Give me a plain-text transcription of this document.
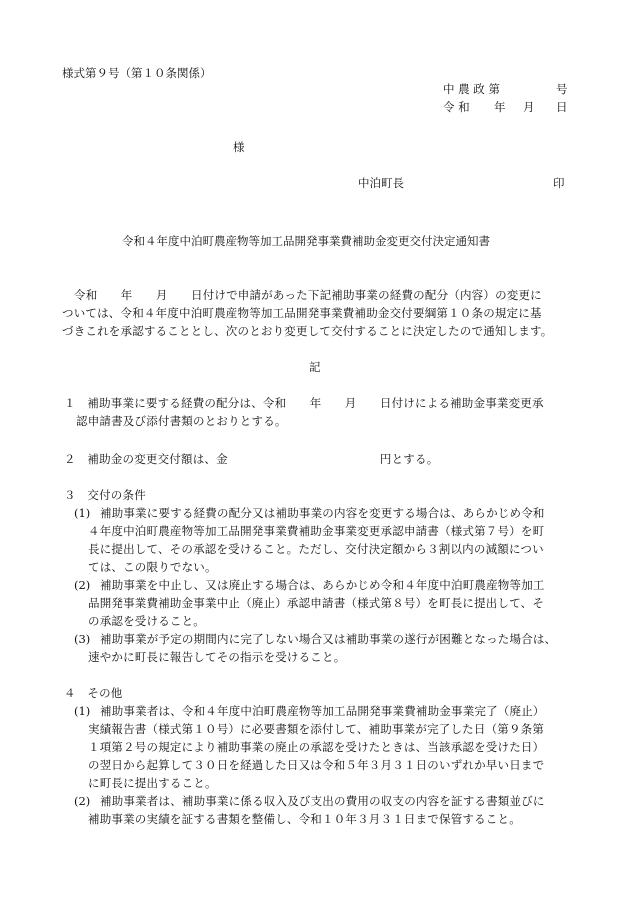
様式第９号（第１０条関係）
中 農 政 第	号
令 和 年 月 日
様
中泊町長	印
令和４年度中泊町農産物等加工品開発事業費補助金変更交付決定通知書
令和　　年　　月　　日付けで申請があった下記補助事業の経費の配分（内容）の変更に
ついては、令和４年度中泊町農産物等加工品開発事業費補助金交付要綱第１０条の規定に基
づきこれを承認することとし、次のとおり変更して交付することに決定したので通知します。
記
１　補助事業に要する経費の配分は、令和　　年　　月　　日付けによる補助金事業変更承
認申請書及び添付書類のとおりとする。
２　補助金の変更交付額は、金　　　　　　　　　　　　　円とする。
３　交付の条件
(1) 補助事業に要する経費の配分又は補助事業の内容を変更する場合は、あらかじめ令和
４年度中泊町農産物等加工品開発事業費補助金事業変更承認申請書（様式第７号）を町
長に提出して、その承認を受けること。ただし、交付決定額から３割以内の減額につい
ては、この限りでない。
(2) 補助事業を中止し、又は廃止する場合は、あらかじめ令和４年度中泊町農産物等加工
品開発事業費補助金事業中止（廃止）承認申請書（様式第８号）を町長に提出して、そ
の承認を受けること。
(3) 補助事業が予定の期間内に完了しない場合又は補助事業の遂行が困難となった場合は、
速やかに町長に報告してその指示を受けること。
４　その他
(1) 補助事業者は、令和４年度中泊町農産物等加工品開発事業費補助金事業完了（廃止）
実績報告書（様式第１０号）に必要書類を添付して、補助事業が完了した日（第９条第
１項第２号の規定により補助事業の廃止の承認を受けたときは、当該承認を受けた日）
の翌日から起算して３０日を経過した日又は令和５年３月３１日のいずれか早い日まで
に町長に提出すること。
(2) 補助事業者は、補助事業に係る収入及び支出の費用の収支の内容を証する書類並びに
補助事業の実績を証する書類を整備し、令和１０年３月３１日まで保管すること。
